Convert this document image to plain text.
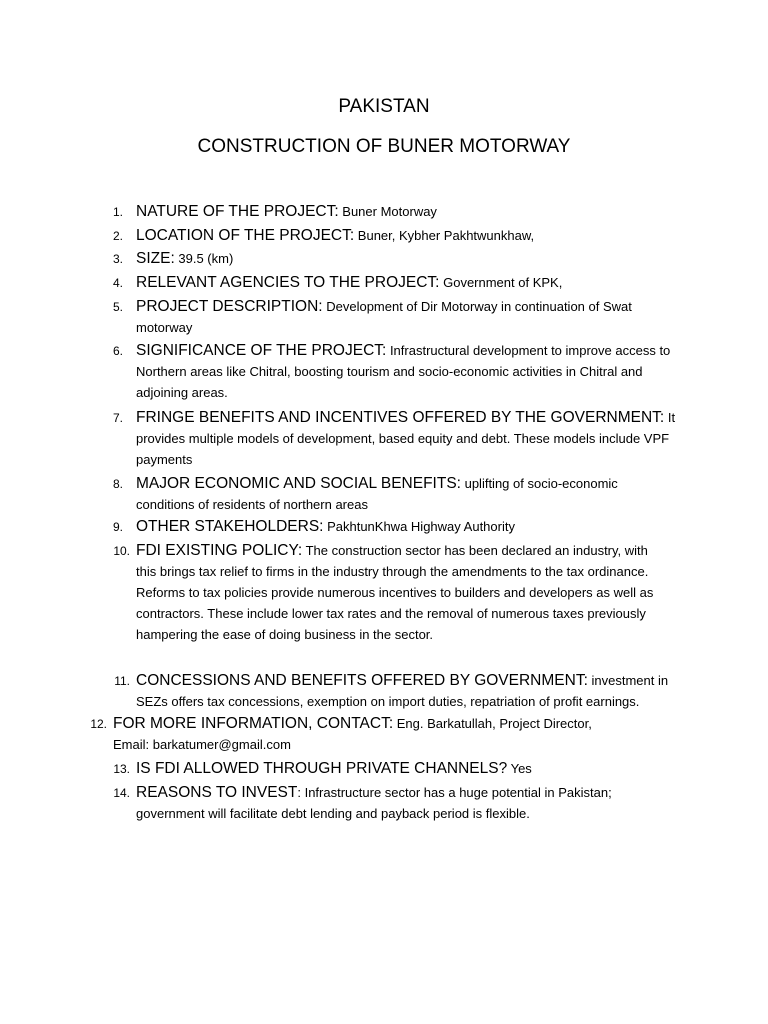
PAKISTAN
CONSTRUCTION OF BUNER MOTORWAY
1. NATURE OF THE PROJECT: Buner Motorway
2. LOCATION OF THE PROJECT: Buner, Kybher Pakhtwunkhaw,
3. SIZE: 39.5 (km)
4. RELEVANT AGENCIES TO THE PROJECT: Government of KPK,
5. PROJECT DESCRIPTION: Development of Dir Motorway in continuation of Swat motorway
6. SIGNIFICANCE OF THE PROJECT: Infrastructural development to improve access to Northern areas like Chitral, boosting tourism and socio-economic activities in Chitral and adjoining areas.
7. FRINGE BENEFITS AND INCENTIVES OFFERED BY THE GOVERNMENT: It provides multiple models of development, based equity and debt. These models include VPF payments
8. MAJOR ECONOMIC AND SOCIAL BENEFITS: uplifting of socio-economic conditions of residents of northern areas
9. OTHER STAKEHOLDERS: PakhtunKhwa Highway Authority
10. FDI EXISTING POLICY: The construction sector has been declared an industry, with this brings tax relief to firms in the industry through the amendments to the tax ordinance. Reforms to tax policies provide numerous incentives to builders and developers as well as contractors. These include lower tax rates and the removal of numerous taxes previously hampering the ease of doing business in the sector.
11. CONCESSIONS AND BENEFITS OFFERED BY GOVERNMENT: investment in SEZs offers tax concessions, exemption on import duties, repatriation of profit earnings.
12. FOR MORE INFORMATION, CONTACT: Eng. Barkatullah, Project Director, Email: barkatumer@gmail.com
13. IS FDI ALLOWED THROUGH PRIVATE CHANNELS? Yes
14. REASONS TO INVEST: Infrastructure sector has a huge potential in Pakistan; government will facilitate debt lending and payback period is flexible.
